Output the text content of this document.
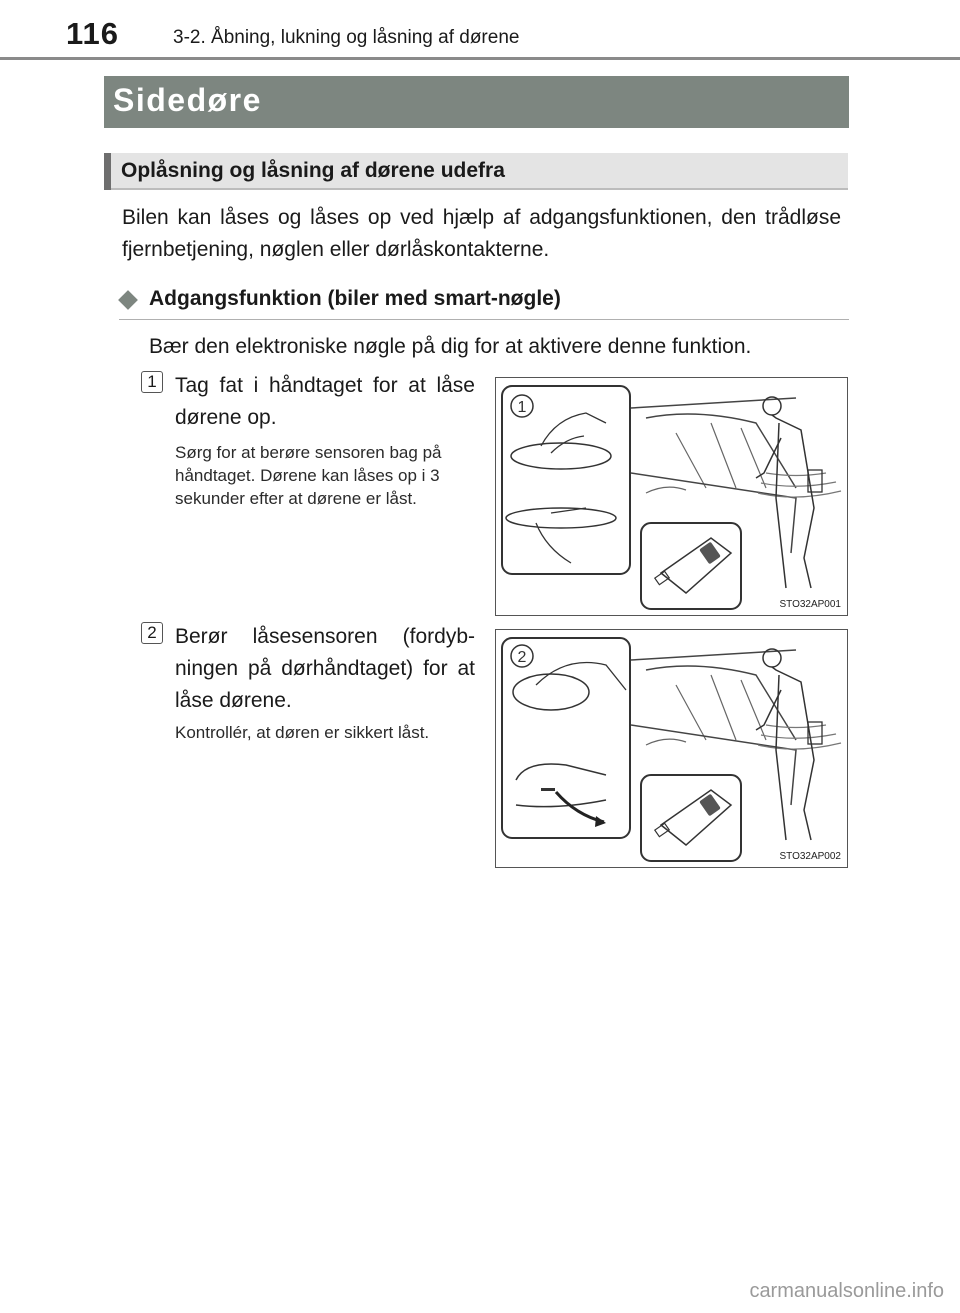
116	3-2. Åbning, lukning og låsning af dørene
Sidedøre
Oplåsning og låsning af dørene udefra
Bilen kan låses og låses op ved hjælp af adgangsfunktionen, den trådløse fjernbetjening, nøglen eller dørlåskontakterne.
Adgangsfunktion (biler med smart-nøgle)
Bær den elektroniske nøgle på dig for at aktivere denne funktion.
1 Tag fat i håndtaget for at låse dørene op.
Sørg for at berøre sensoren bag på håndtaget. Dørene kan låses op i 3 sekunder efter at dørene er låst.
1
STO32AP001
2 Berør låsesensoren (fordyb-ningen på dørhåndtaget) for at låse dørene.
Kontrollér, at døren er sikkert låst.
2
STO32AP002
carmanualsonline.info
